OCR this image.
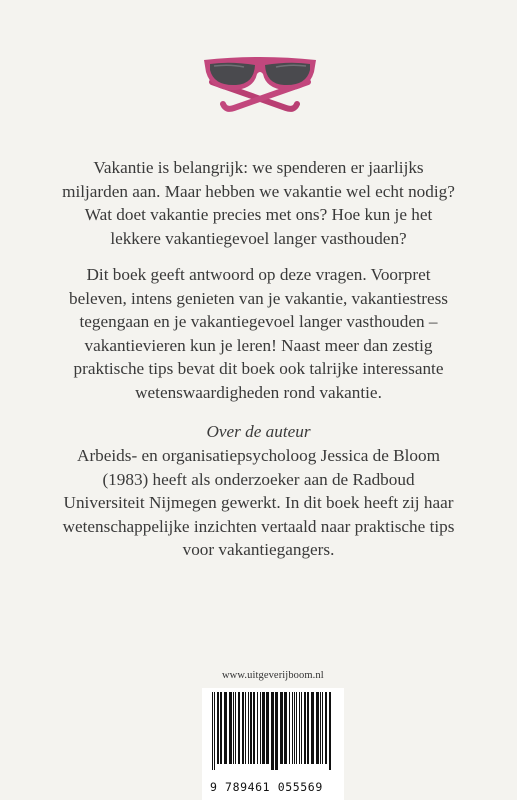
Vakantie is belangrijk: we spenderen er jaarlijks miljarden aan. Maar hebben we vakantie wel echt nodig? Wat doet vakantie precies met ons? Hoe kun je het lekkere vakantiegevoel langer vasthouden?

Dit boek geeft antwoord op deze vragen. Voorpret beleven, intens genieten van je vakantie, vakantiestress tegengaan en je vakantiegevoel langer vasthouden – vakantievieren kun je leren! Naast meer dan zestig praktische tips bevat dit boek ook talrijke interessante wetenswaardigheden rond vakantie.

Over de auteur

Arbeids- en organisatiepsycholoog Jessica de Bloom (1983) heeft als onderzoeker aan de Radboud Universiteit Nijmegen gewerkt. In dit boek heeft zij haar wetenschappelijke inzichten vertaald naar praktische tips voor vakantiegangers.

www.uitgeverijboom.nl
9 789461 055569
